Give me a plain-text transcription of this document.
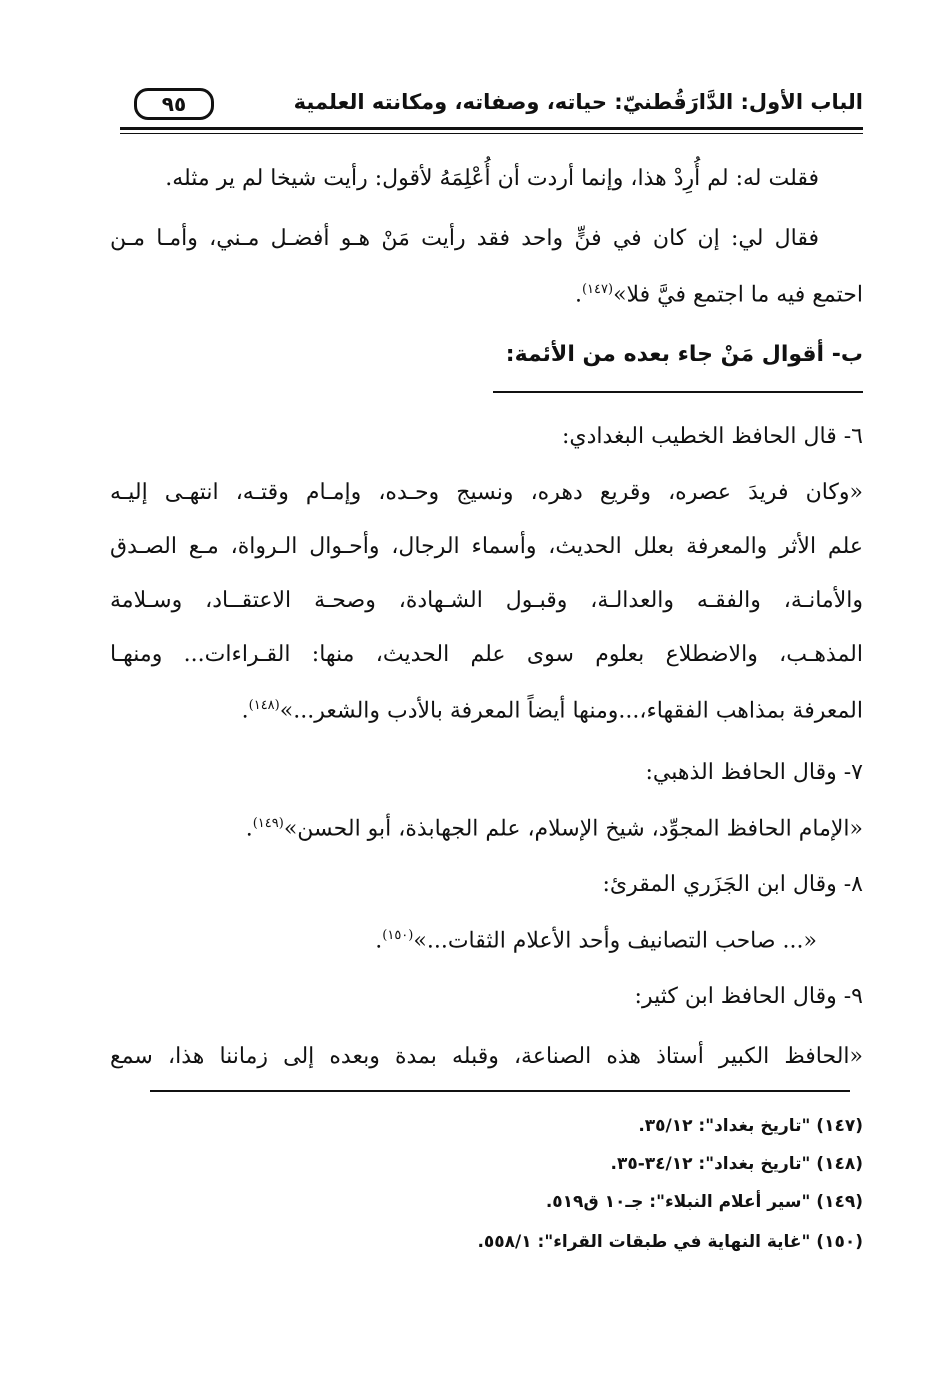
الباب الأول: الدَّارَقُطنيّ: حياته، وصفاته، ومكانته العلمية
٩٥
فقلت له: لم أُرِدْ هذا، وإنما أردت أن أُعْلِمَهُ لأقول: رأيت شيخا لم ير مثله.
فقال لي: إن كان في فنٍّ واحد فقد رأيت مَنْ هـو أفضـل مـني، وأمـا مـن
احتمع فيه ما اجتمع فيَّ فلا»$^{(١٤٧)}$.
ب- أقوال مَنْ جاء بعده من الأئمة:
٦- قال الحافظ الخطيب البغدادي:
«وكان فريدَ عصره، وقريع دهره، ونسيج وحـده، وإمـام وقتـه، انتهـى إليـه
علم الأثر والمعرفة بعلل الحديث، وأسماء الرجال، وأحـوال الـرواة، مـع الصـدق
والأمانـة، والفقـه والعدالـة، وقبـول الشـهادة، وصحـة الاعتقــاد، وسـلامة
المذهـب، والاضطلاع بعلوم سوى علم الحديث، منها: القـراءات... ومنهـا
المعرفة بمذاهب الفقهاء،...ومنها أيضاً المعرفة بالأدب والشعر...»$^{(١٤٨)}$.
٧- وقال الحافظ الذهبي:
«الإمام الحافظ المجوِّد، شيخ الإسلام، علم الجهابذة، أبو الحسن»$^{(١٤٩)}$.
٨- وقال ابن الجَزَري المقرئ:
«... صاحب التصانيف وأحد الأعلام الثقات...»$^{(١٥٠)}$.
٩- وقال الحافظ ابن كثير:
«الحافظ الكبير أستاذ هذه الصناعة، وقبله بمدة وبعده إلى زماننا هذا، سمع
(١٤٧) "تاريخ بغداد": ٣٥/١٢.
(١٤٨) "تاريخ بغداد": ٣٤/١٢-٣٥.
(١٤٩) "سير أعلام النبلاء": جـ١٠ ق٥١٩.
(١٥٠) "غاية النهاية في طبقات القراء": ٥٥٨/١.
